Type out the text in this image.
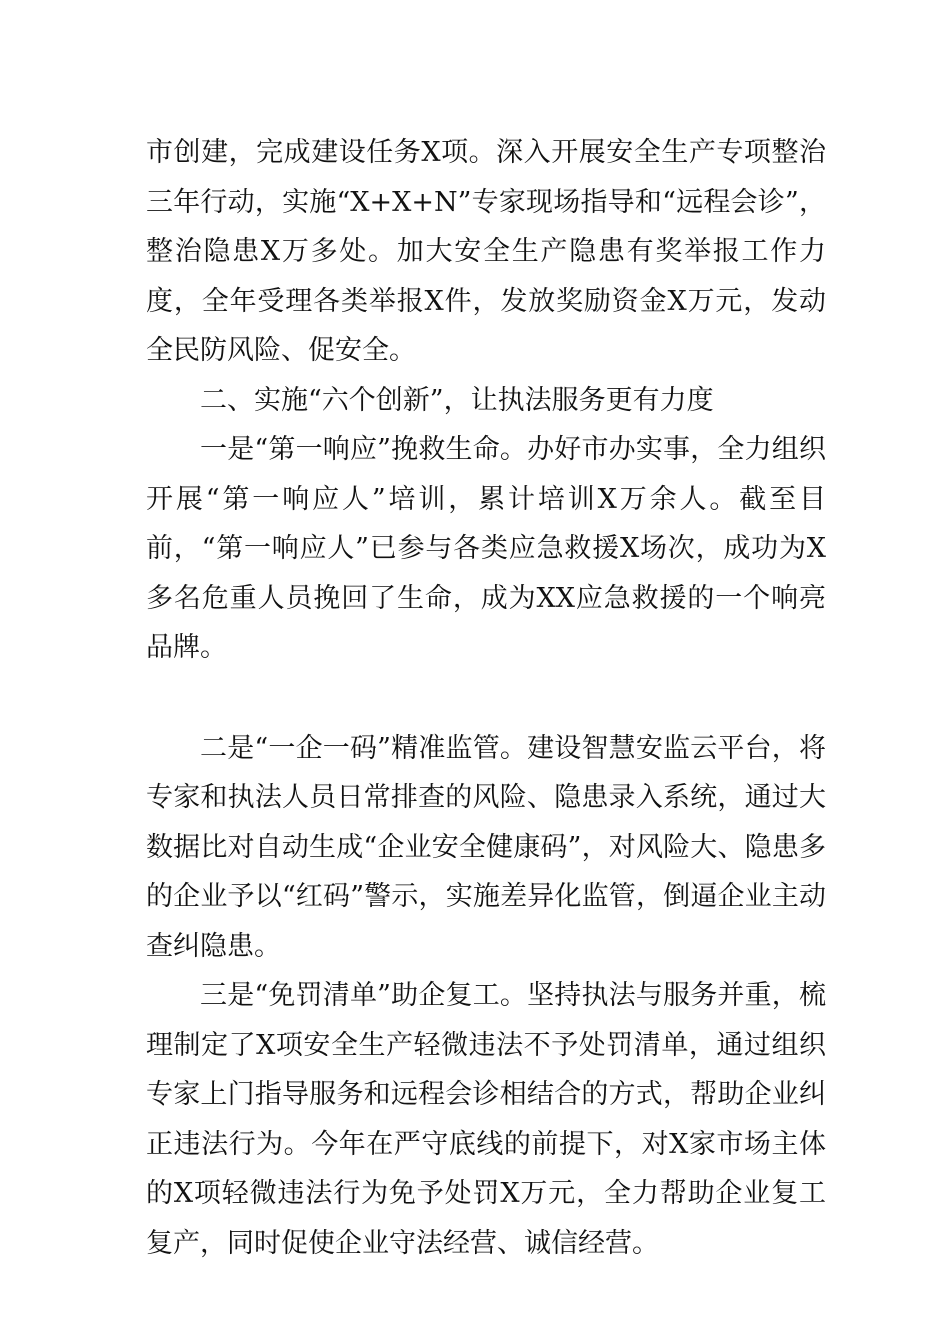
市创建，完成建设任务X项。深入开展安全生产专项整治三年行动，实施“X+X+N”专家现场指导和“远程会诊”，整治隐患X万多处。加大安全生产隐患有奖举报工作力度，全年受理各类举报X件，发放奖励资金X万元，发动全民防风险、促安全。

二、实施“六个创新”，让执法服务更有力度

一是“第一响应”挽救生命。办好市办实事，全力组织开展“第一响应人”培训，累计培训X万余人。截至目前，“第一响应人”已参与各类应急救援X场次，成功为X多名危重人员挽回了生命，成为XX应急救援的一个响亮品牌。

二是“一企一码”精准监管。建设智慧安监云平台，将专家和执法人员日常排查的风险、隐患录入系统，通过大数据比对自动生成“企业安全健康码”，对风险大、隐患多的企业予以“红码”警示，实施差异化监管，倒逼企业主动查纠隐患。

三是“免罚清单”助企复工。坚持执法与服务并重，梳理制定了X项安全生产轻微违法不予处罚清单，通过组织专家上门指导服务和远程会诊相结合的方式，帮助企业纠正违法行为。今年在严守底线的前提下，对X家市场主体的X项轻微违法行为免予处罚X万元，全力帮助企业复工复产，同时促使企业守法经营、诚信经营。
